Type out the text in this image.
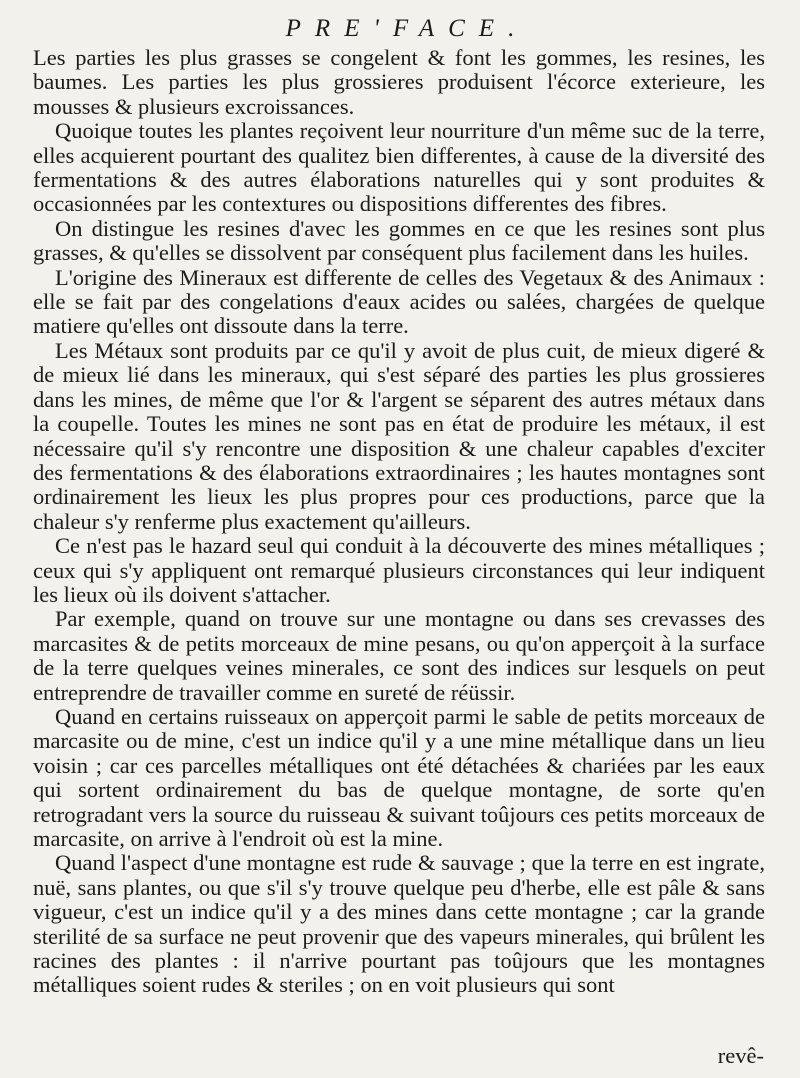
PRE'FACE.

Les parties les plus grasses se congelent & font les gommes, les resines, les baumes. Les parties les plus grossieres produisent l'écorce exterieure, les mousses & plusieurs excroissances.

Quoique toutes les plantes reçoivent leur nourriture d'un même suc de la terre, elles acquierent pourtant des qualitez bien differentes, à cause de la diversité des fermentations & des autres élaborations naturelles qui y sont produites & occasionnées par les contextures ou dispositions differentes des fibres.

On distingue les resines d'avec les gommes en ce que les resines sont plus grasses, & qu'elles se dissolvent par conséquent plus facilement dans les huiles.

L'origine des Mineraux est differente de celles des Vegetaux & des Animaux : elle se fait par des congelations d'eaux acides ou salées, chargées de quelque matiere qu'elles ont dissoute dans la terre.

Les Métaux sont produits par ce qu'il y avoit de plus cuit, de mieux digeré & de mieux lié dans les mineraux, qui s'est séparé des parties les plus grossieres dans les mines, de même que l'or & l'argent se séparent des autres métaux dans la coupelle. Toutes les mines ne sont pas en état de produire les métaux, il est nécessaire qu'il s'y rencontre une disposition & une chaleur capables d'exciter des fermentations & des élaborations extraordinaires ; les hautes montagnes sont ordinairement les lieux les plus propres pour ces productions, parce que la chaleur s'y renferme plus exactement qu'ailleurs.

Ce n'est pas le hazard seul qui conduit à la découverte des mines métalliques ; ceux qui s'y appliquent ont remarqué plusieurs circonstances qui leur indiquent les lieux où ils doivent s'attacher.

Par exemple, quand on trouve sur une montagne ou dans ses crevasses des marcasites & de petits morceaux de mine pesans, ou qu'on apperçoit à la surface de la terre quelques veines minerales, ce sont des indices sur lesquels on peut entreprendre de travailler comme en sureté de réüssir.

Quand en certains ruisseaux on apperçoit parmi le sable de petits morceaux de marcasite ou de mine, c'est un indice qu'il y a une mine métallique dans un lieu voisin ; car ces parcelles métalliques ont été détachées & chariées par les eaux qui sortent ordinairement du bas de quelque montagne, de sorte qu'en retrogradant vers la source du ruisseau & suivant toûjours ces petits morceaux de marcasite, on arrive à l'endroit où est la mine.

Quand l'aspect d'une montagne est rude & sauvage ; que la terre en est ingrate, nuë, sans plantes, ou que s'il s'y trouve quelque peu d'herbe, elle est pâle & sans vigueur, c'est un indice qu'il y a des mines dans cette montagne ; car la grande sterilité de sa surface ne peut provenir que des vapeurs minerales, qui brûlent les racines des plantes : il n'arrive pourtant pas toûjours que les montagnes métalliques soient rudes & steriles ; on en voit plusieurs qui sont

revê-
